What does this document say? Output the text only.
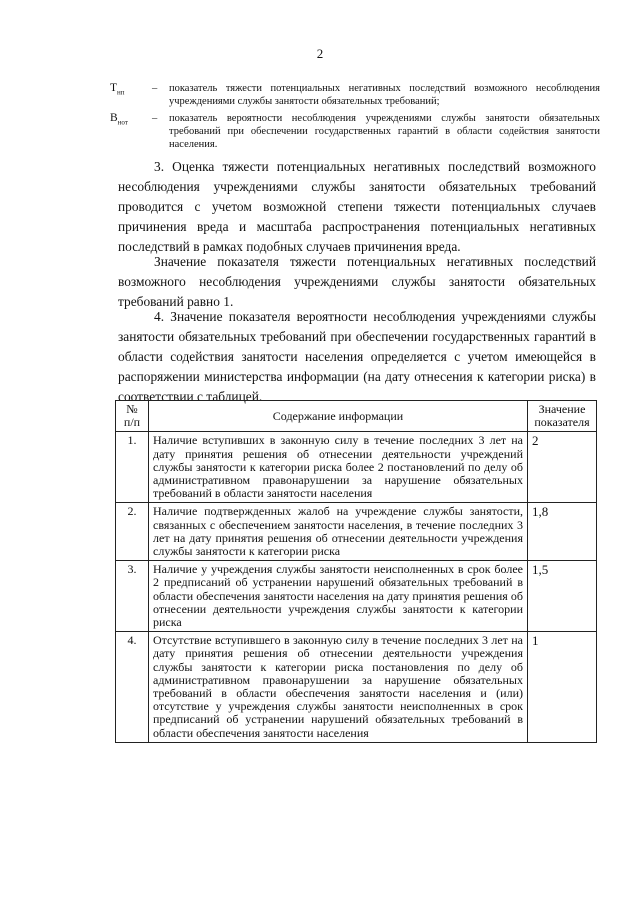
2
$Т_{нп}$	–	показатель тяжести потенциальных негативных последствий возможного несоблюдения учреждениями службы занятости обязательных требований;
$В_{нот}$	–	показатель вероятности несоблюдения учреждениями службы занятости обязательных требований при обеспечении государственных гарантий в области содействия занятости населения.

3. Оценка тяжести потенциальных негативных последствий возможного несоблюдения учреждениями службы занятости обязательных требований проводится с учетом возможной степени тяжести потенциальных случаев причинения вреда и масштаба распространения потенциальных негативных последствий в рамках подобных случаев причинения вреда.

Значение показателя тяжести потенциальных негативных последствий возможного несоблюдения учреждениями службы занятости обязательных требований равно 1.

4. Значение показателя вероятности несоблюдения учреждениями службы занятости обязательных требований при обеспечении государственных гарантий в области содействия занятости населения определяется с учетом имеющейся в распоряжении министерства информации (на дату отнесения к категории риска) в соответствии с таблицей.

№ п/п	Содержание информации	Значение показателя
1.	Наличие вступивших в законную силу в течение последних 3 лет на дату принятия решения об отнесении деятельности учреждений службы занятости к категории риска более 2 постановлений по делу об административном правонарушении за нарушение обязательных требований в области занятости населения	2
2.	Наличие подтвержденных жалоб на учреждение службы занятости, связанных с обеспечением занятости населения, в течение последних 3 лет на дату принятия решения об отнесении деятельности учреждения службы занятости к категории риска	1,8
3.	Наличие у учреждения службы занятости неисполненных в срок более 2 предписаний об устранении нарушений обязательных требований в области обеспечения занятости населения на дату принятия решения об отнесении деятельности учреждения службы занятости к категории риска	1,5
4.	Отсутствие вступившего в законную силу в течение последних 3 лет на дату принятия решения об отнесении деятельности учреждения службы занятости к категории риска постановления по делу об административном правонарушении за нарушение обязательных требований в области обеспечения занятости населения и (или) отсутствие у учреждения службы занятости неисполненных в срок предписаний об устранении нарушений обязательных требований в области обеспечения занятости населения	1
